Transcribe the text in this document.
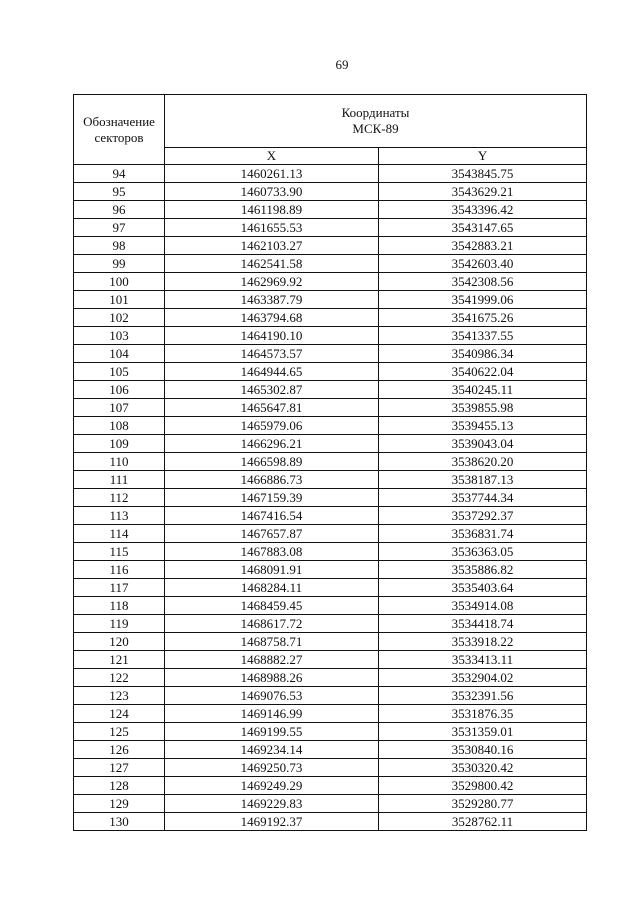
69
Обозначение
секторов	Координаты
МСК-89	

	X	Y
94	1460261.13	3543845.75
95	1460733.90	3543629.21
96	1461198.89	3543396.42
97	1461655.53	3543147.65
98	1462103.27	3542883.21
99	1462541.58	3542603.40
100	1462969.92	3542308.56
101	1463387.79	3541999.06
102	1463794.68	3541675.26
103	1464190.10	3541337.55
104	1464573.57	3540986.34
105	1464944.65	3540622.04
106	1465302.87	3540245.11
107	1465647.81	3539855.98
108	1465979.06	3539455.13
109	1466296.21	3539043.04
110	1466598.89	3538620.20
111	1466886.73	3538187.13
112	1467159.39	3537744.34
113	1467416.54	3537292.37
114	1467657.87	3536831.74
115	1467883.08	3536363.05
116	1468091.91	3535886.82
117	1468284.11	3535403.64
118	1468459.45	3534914.08
119	1468617.72	3534418.74
120	1468758.71	3533918.22
121	1468882.27	3533413.11
122	1468988.26	3532904.02
123	1469076.53	3532391.56
124	1469146.99	3531876.35
125	1469199.55	3531359.01
126	1469234.14	3530840.16
127	1469250.73	3530320.42
128	1469249.29	3529800.42
129	1469229.83	3529280.77
130	1469192.37	3528762.11
